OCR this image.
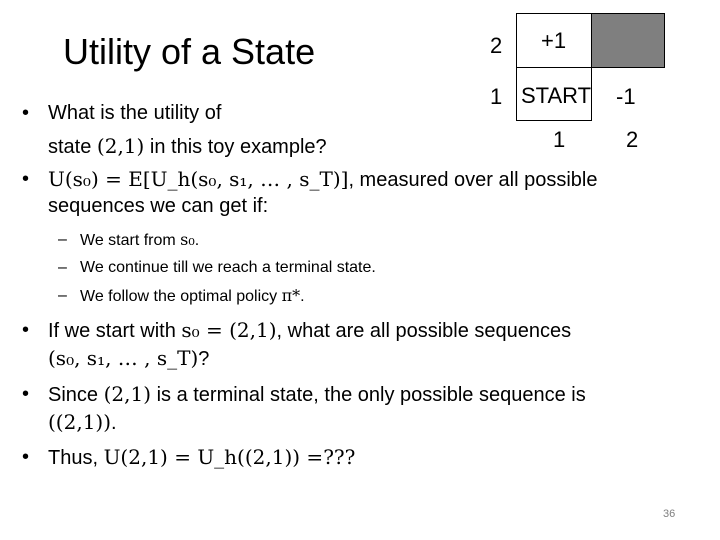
Utility of a State	2 +1
1 START -1
1	2
• What is the utility of
state (2,1) in this toy example?
• U(s₀) = E[U_h(s₀, s₁, … , s_T)], measured over all possible
sequences we can get if:
– We start from s₀.
– We continue till we reach a terminal state.
– We follow the optimal policy π*.
• If we start with s₀ = (2,1), what are all possible sequences
(s₀, s₁, … , s_T)?
• Since (2,1) is a terminal state, the only possible sequence is
((2,1)).
• Thus, U(2,1) = U_h((2,1)) =???
36
